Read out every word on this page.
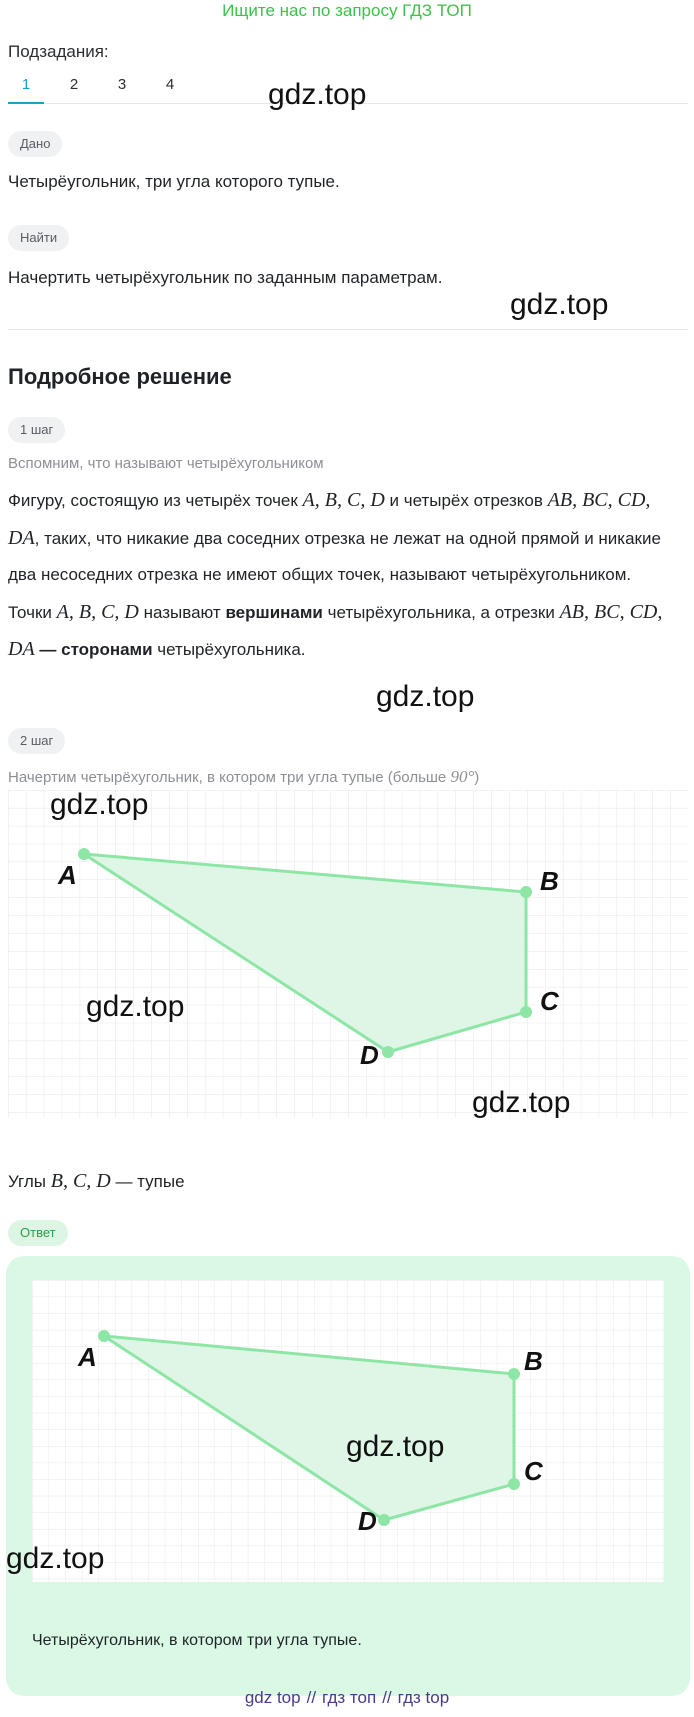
Ищите нас по запросу ГДЗ ТОП
Подзадания:
1	2	3	4	gdz.top
Дано
Четырёугольник, три угла которого тупые.
Найти
Начертить четырёхугольник по заданным параметрам.
gdz.top
Подробное решение
1 шаг
Вспомним, что называют четырёхугольником
Фигуру, состоящую из четырёх точек A, B, C, D и четырёх отрезков AB, BC, CD, DA, таких, что никакие два соседних отрезка не лежат на одной прямой и никакие два несоседних отрезка не имеют общих точек, называют четырёхугольником. Точки A, B, C, D называют вершинами четырёхугольника, а отрезки AB, BC, CD, DA — сторонами четырёхугольника.
gdz.top
2 шаг
Начертим четырёхугольник, в котором три угла тупые (больше 90°)
A	B
C
D
gdz.top
gdz.top
gdz.top
Углы B, C, D — тупые
Ответ
A	B
C
D
gdz.top
gdz.top
Четырёхугольник, в котором три угла тупые.
gdz top // гдз топ // гдз top
